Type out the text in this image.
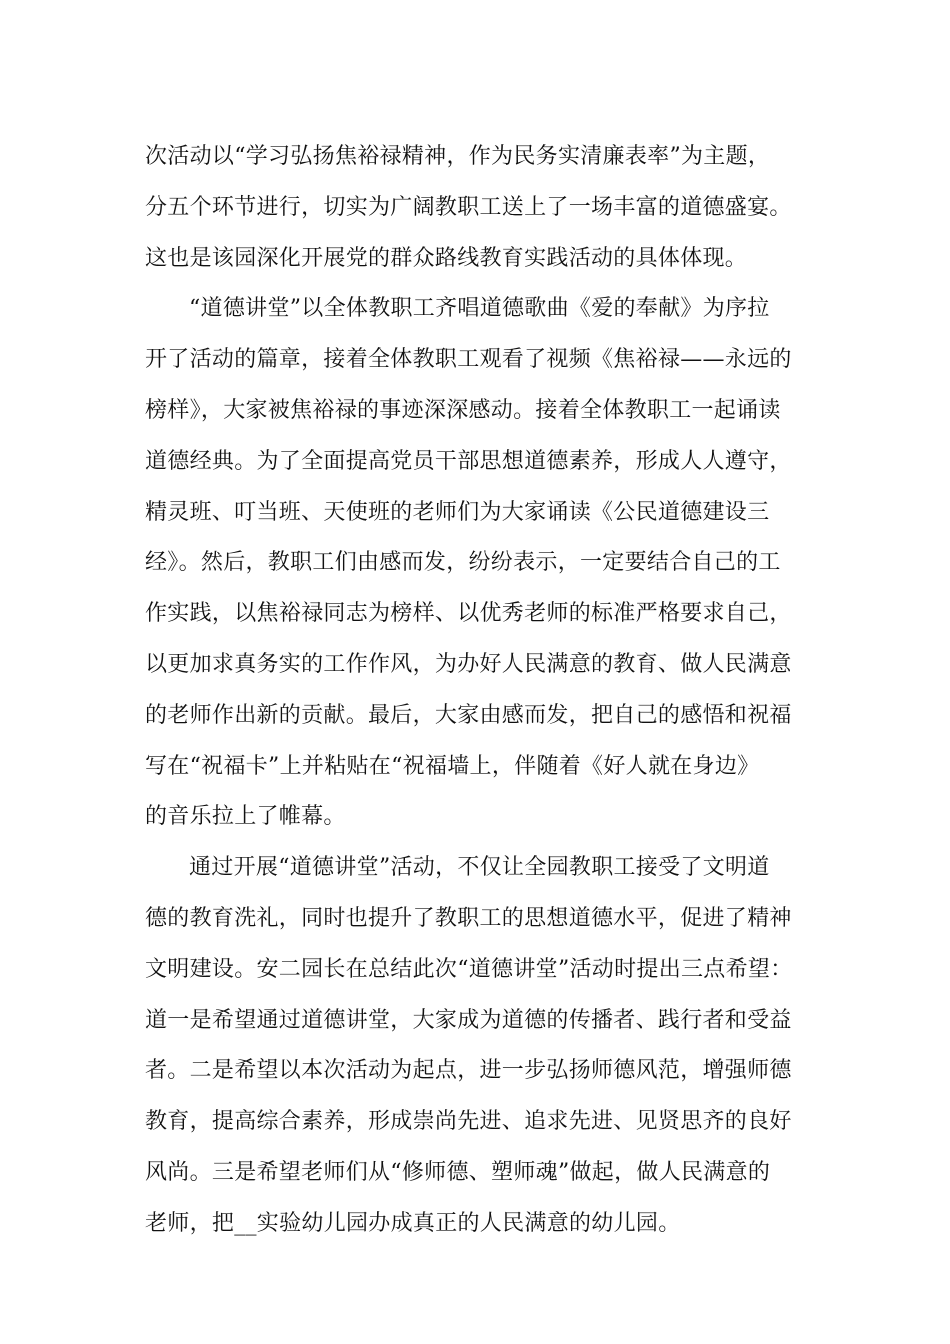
次活动以“学习弘扬焦裕禄精神，作为民务实清廉表率”为主题，
分五个环节进行，切实为广阔教职工送上了一场丰富的道德盛宴。
这也是该园深化开展党的群众路线教育实践活动的具体体现。
“道德讲堂”以全体教职工齐唱道德歌曲《爱的奉献》为序拉
开了活动的篇章，接着全体教职工观看了视频《焦裕禄——永远的
榜样》，大家被焦裕禄的事迹深深感动。接着全体教职工一起诵读
道德经典。为了全面提高党员干部思想道德素养，形成人人遵守，
精灵班、叮当班、天使班的老师们为大家诵读《公民道德建设三
经》。然后，教职工们由感而发，纷纷表示，一定要结合自己的工
作实践，以焦裕禄同志为榜样、以优秀老师的标准严格要求自己，
以更加求真务实的工作作风，为办好人民满意的教育、做人民满意
的老师作出新的贡献。最后，大家由感而发，把自己的感悟和祝福
写在“祝福卡”上并粘贴在“祝福墙上，伴随着《好人就在身边》
的音乐拉上了帷幕。
通过开展“道德讲堂”活动，不仅让全园教职工接受了文明道
德的教育洗礼，同时也提升了教职工的思想道德水平，促进了精神
文明建设。安二园长在总结此次“道德讲堂”活动时提出三点希望：
道一是希望通过道德讲堂，大家成为道德的传播者、践行者和受益
者。二是希望以本次活动为起点，进一步弘扬师德风范，增强师德
教育，提高综合素养，形成崇尚先进、追求先进、见贤思齐的良好
风尚。三是希望老师们从“修师德、塑师魂”做起，做人民满意的
老师，把__实验幼儿园办成真正的人民满意的幼儿园。
